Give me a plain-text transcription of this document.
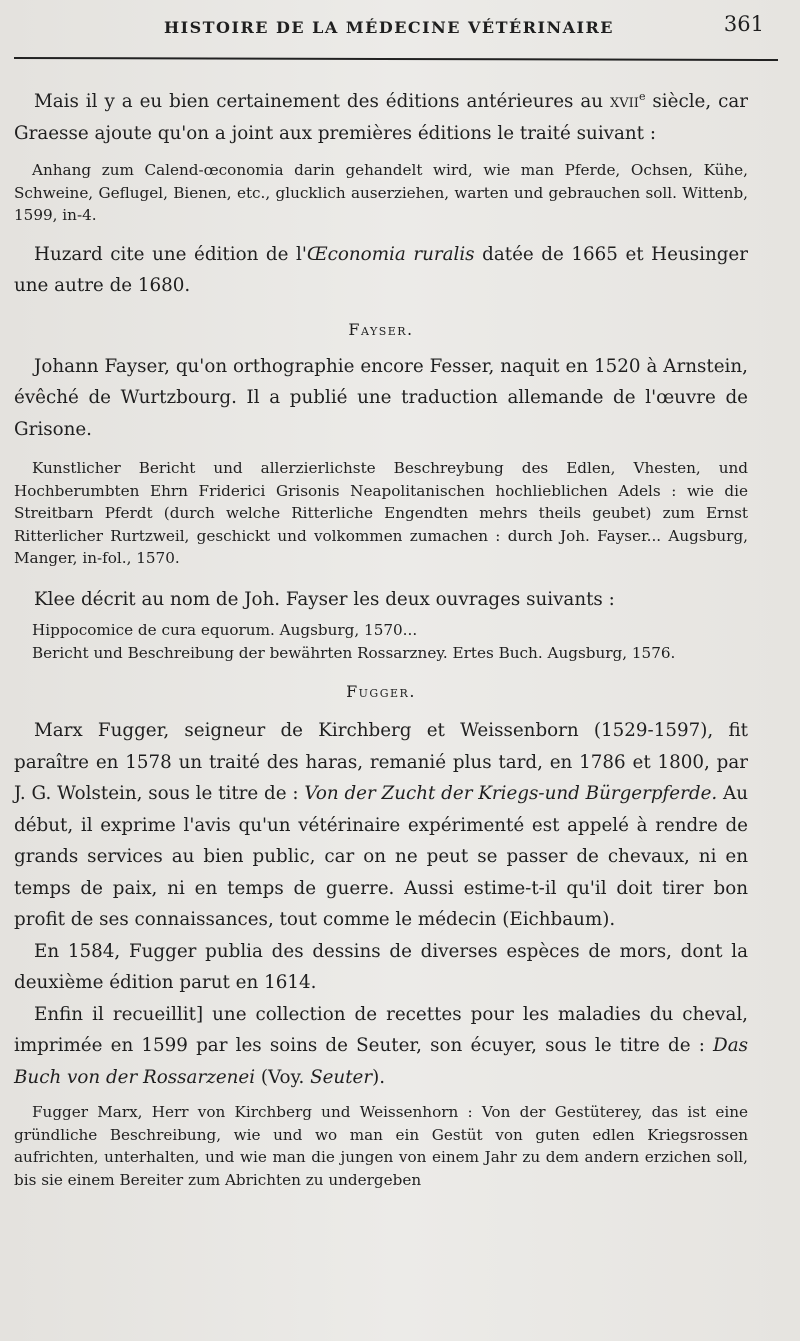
HISTOIRE DE LA MÉDECINE VÉTÉRINAIRE	361

Mais il y a eu bien certainement des éditions antérieures au xvii$^e$ siècle, car Graesse ajoute qu'on a joint aux premières éditions le traité suivant :

Anhang zum Calend-œconomia darin gehandelt wird, wie man Pferde, Ochsen, Kühe, Schweine, Geflugel, Bienen, etc., glucklich auserziehen, warten und gebrauchen soll. Wittenb, 1599, in-4.

Huzard cite une édition de l'Œconomia ruralis datée de 1665 et Heusinger une autre de 1680.

Fayser.

Johann Fayser, qu'on orthographie encore Fesser, naquit en 1520 à Arnstein, évêché de Wurtzbourg. Il a publié une traduction allemande de l'œuvre de Grisone.

Kunstlicher Bericht und allerzierlichste Beschreybung des Edlen, Vhesten, und Hochberumbten Ehrn Friderici Grisonis Neapolitanischen hochlieblichen Adels : wie die Streitbarn Pferdt (durch welche Ritterliche Engendten mehrs theils geubet) zum Ernst Ritterlicher Rurtzweil, geschickt und volkommen zumachen : durch Joh. Fayser... Augsburg, Manger, in-fol., 1570.

Klee décrit au nom de Joh. Fayser les deux ouvrages suivants :

Hippocomice de cura equorum. Augsburg, 1570...

Bericht und Beschreibung der bewährten Rossarzney. Ertes Buch. Augsburg, 1576.

Fugger.

Marx Fugger, seigneur de Kirchberg et Weissenborn (1529-1597), fit paraître en 1578 un traité des haras, remanié plus tard, en 1786 et 1800, par J. G. Wolstein, sous le titre de : Von der Zucht der Kriegs-und Bürgerpferde. Au début, il exprime l'avis qu'un vétérinaire expérimenté est appelé à rendre de grands services au bien public, car on ne peut se passer de chevaux, ni en temps de paix, ni en temps de guerre. Aussi estime-t-il qu'il doit tirer bon profit de ses connaissances, tout comme le médecin (Eichbaum).

En 1584, Fugger publia des dessins de diverses espèces de mors, dont la deuxième édition parut en 1614.

Enfin il recueillit] une collection de recettes pour les maladies du cheval, imprimée en 1599 par les soins de Seuter, son écuyer, sous le titre de : Das Buch von der Rossarzenei (Voy. Seuter).

Fugger Marx, Herr von Kirchberg und Weissenhorn : Von der Gestüterey, das ist eine gründliche Beschreibung, wie und wo man ein Gestüt von guten edlen Kriegsrossen aufrichten, unterhalten, und wie man die jungen von einem Jahr zu dem andern erzichen soll, bis sie einem Bereiter zum Abrichten zu undergeben
